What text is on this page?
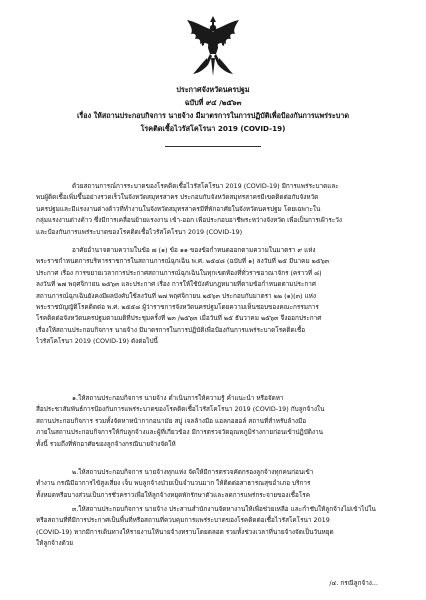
ประกาศจังหวัดนครปฐม
ฉบับที่ ๙๔ /๒๕๖๓
เรื่อง ให้สถานประกอบกิจการ นายจ้าง มีมาตรการในการปฏิบัติเพื่อป้องกันการแพร่ระบาด
โรคติดเชื้อไวรัสโคโรนา 2019 (COVID-19)
ด้วยสถานการณ์การระบาดของโรคติดเชื้อไวรัสโคโรนา 2019 (COVID-19) มีการแพร่ระบาดและ
พบผู้ติดเชื้อเพิ่มขึ้นอย่างรวดเร็วในจังหวัดสมุทรสาคร ประกอบกับจังหวัดสมุทรสาครมีเขตติดต่อกับจังหวัด
นครปฐมและมีแรงงานต่างด้าวที่ทำงานในจังหวัดสมุทรสาครมีที่พักอาศัยในจังหวัดนครปฐม โดยเฉพาะใน
กลุ่มแรงงานต่างด้าว ซึ่งมีการเคลื่อนย้ายแรงงาน เข้า-ออก เพื่อประกอบอาชีพระหว่างจังหวัด เพื่อเป็นการเฝ้าระวัง
และป้องกันการแพร่ระบาดของโรคติดเชื้อไวรัสโคโรนา 2019 (COVID-19)
อาศัยอำนาจตามความในข้อ ๗ (๑) ข้อ ๑๑ ของข้อกำหนดออกตามความในมาตรา ๙ แห่ง
พระราชกำหนดการบริหารราชการในสถานการณ์ฉุกเฉิน พ.ศ. ๒๕๔๘ (ฉบับที่ ๑) ลงวันที่ ๒๕ มีนาคม ๒๕๖๓
ประกาศ เรื่อง การขยายเวลาการประกาศสถานการณ์ฉุกเฉินในทุกเขตท้องที่ทั่วราชอาณาจักร (คราวที่ ๘)
ลงวันที่ ๒๗ พฤศจิกายน ๒๕๖๓ และประกาศ เรื่อง การให้ใช้บังคับกฎหมายที่ตามข้อกำหนดตามประกาศ
สถานการณ์ฉุกเฉินยังคงมีผลบังคับใช้ลงวันที่ ๒๗ พฤศจิกายน ๒๕๖๓ ประกอบกับมาตรา ๒๒ (๑)(๓) แห่ง
พระราชบัญญัติโรคติดต่อ พ.ศ. ๒๕๕๘ ผู้ว่าราชการจังหวัดนครปฐมโดยความเห็นชอบของคณะกรรมการ
โรคติดต่อจังหวัดนครปฐมตามมติที่ประชุมครั้งที่ ๒๓ /๒๕๖๓ เมื่อวันที่ ๒๕ ธันวาคม ๒๕๖๓ จึงออกประกาศ
เรื่องให้สถานประกอบกิจการ นายจ้าง มีมาตรการในการปฏิบัติเพื่อป้องกันการแพร่ระบาดโรคติดเชื้อ
ไวรัสโคโรนา 2019 (COVID-19) ดังต่อไปนี้
๑.ให้สถานประกอบกิจการ นายจ้าง ดำเนินการให้ความรู้ คำแนะนำ หรือจัดหา
สื่อประชาสัมพันธ์การป้องกันการแพร่ระบาดของโรคติดเชื้อไวรัสโคโรนา 2019 (COVID-19) กับลูกจ้างใน
สถานประกอบกิจการ รวมทั้งจัดหาหน้ากากอนามัย สบู่ เจลล้างมือ แอลกอฮอล์ สถานที่สำหรับล้างมือ
ภายในสถานประกอบกิจการให้กับลูกจ้างและผู้ที่เกี่ยวข้อง มีการตรวจวัดอุณหภูมิร่างกายก่อนเข้าปฏิบัติงาน
ทั้งนี้ รวมถึงที่พักอาศัยของลูกจ้างกรณีนายจ้างจัดให้
๒.ให้สถานประกอบกิจการ นายจ้างทุกแห่ง จัดให้มีการตรวจคัดกรองลูกจ้างทุกคนก่อนเข้า
ทำงาน กรณีมีอาการไข้สูงเสี่ยง เจ็บ พบลูกจ้างป่วยเป็นจำนวนมาก ให้ติดต่อสาธารณสุขอำเภอ บริการ
ทั้งหมดหรือบางส่วนเป็นการชั่วคราวเพื่อให้ลูกจ้างหยุดพักรักษาตัวและลดการแพร่กระจายของเชื้อโรค
๓.ให้สถานประกอบกิจการ นายจ้าง ประสานสำนักงานจัดหางานให้เพื่อช่วยเหลือ และกำชับให้ลูกจ้างไม่เข้าไปใน
หรือสถานที่ที่มีการประกาศเป็นพื้นที่หรือสถานที่ควบคุมการแพร่ระบาดของโรคติดต่อเชื้อไวรัสโคโรนา 2019
(COVID-19) หากมีการเดินทางให้รายงานให้นายจ้างทราบโดยตลอด รวมทั้งช่วงเวลาที่นายจ้างจัดเป็นวันหยุด
ให้ลูกจ้างด้วย
/๔. กรณีลูกจ้าง...
